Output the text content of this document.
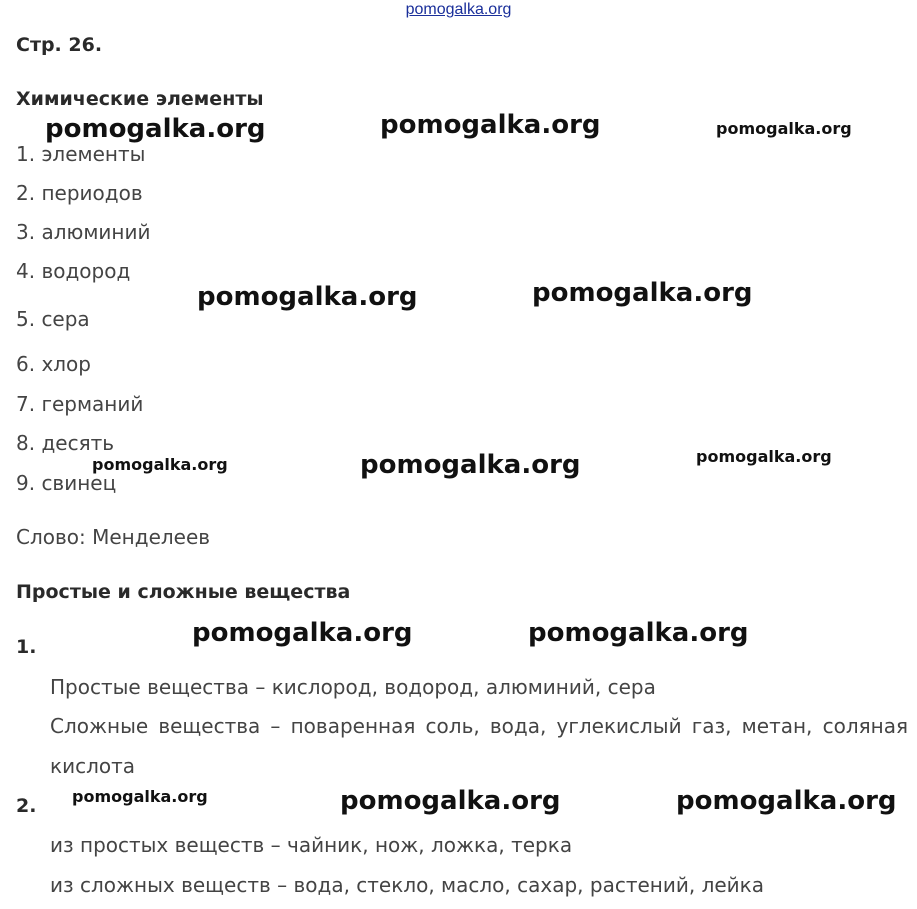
pomogalka.org
Стр. 26.
Химические элементы
1. элементы
2. периодов
3. алюминий
4. водород
5. сера
6. хлор
7. германий
8. десять
9. свинец
Слово: Менделеев
Простые и сложные вещества
1.
Простые вещества – кислород, водород, алюминий, сера
Сложные вещества – поваренная соль, вода, углекислый газ, метан, соляная
кислота
2.
из простых веществ – чайник, нож, ложка, терка
из сложных веществ – вода, стекло, масло, сахар, растений, лейка
pomogalka.org	pomogalka.org	pomogalka.org
pomogalka.org	pomogalka.org
pomogalka.org	pomogalka.org	pomogalka.org
pomogalka.org	pomogalka.org
pomogalka.org	pomogalka.org	pomogalka.org
